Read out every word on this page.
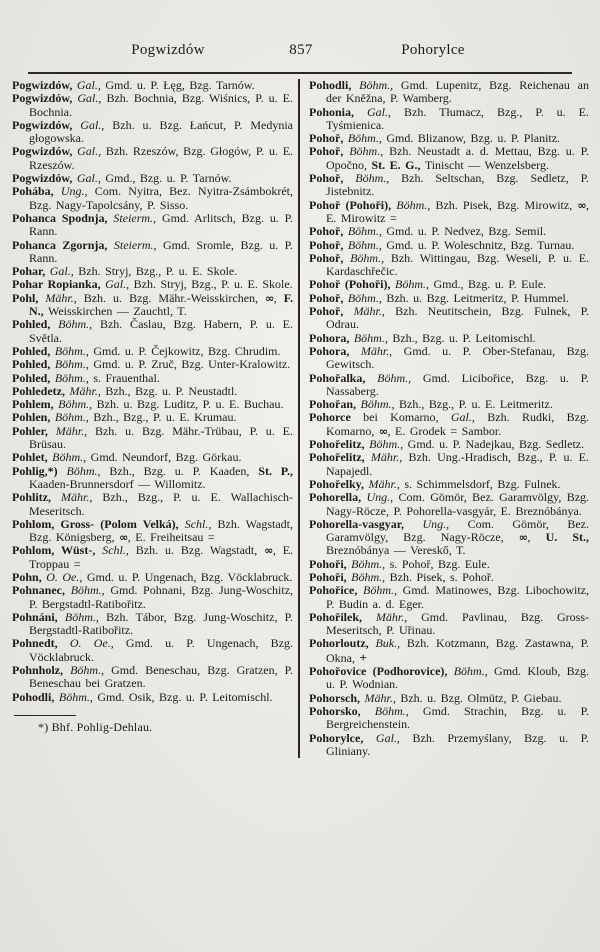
Pogwizdów	857	Pohorylce

Pogwizdów, Gal., Gmd. u. P. Łęg, Bzg. Tarnów.

Pogwizdów, Gal., Bzh. Bochnia, Bzg. Wiśnics, P. u. E. Bochnia.

Pogwizdów, Gal., Bzh. u. Bzg. Łańcut, P. Medynia głogowska.

Pogwizdów, Gal., Bzh. Rzeszów, Bzg. Głogów, P. u. E. Rzeszów.

Pogwizdów, Gal., Gmd., Bzg. u. P. Tarnów.

Pohába, Ung., Com. Nyitra, Bez. Nyitra-Zsámbokrét, Bzg. Nagy-Tapolcsány, P. Sisso.

Pohanca Spodnja, Steierm., Gmd. Arlitsch, Bzg. u. P. Rann.

Pohanca Zgornja, Steierm., Gmd. Sromle, Bzg. u. P. Rann.

Pohar, Gal., Bzh. Stryj, Bzg., P. u. E. Skole.

Pohar Ropianka, Gal., Bzh. Stryj, Bzg., P. u. E. Skole.

Pohl, Mähr., Bzh. u. Bzg. Mähr.-Weisskirchen, ∞, F. N., Weisskirchen — Zauchtl, T.

Pohled, Böhm., Bzh. Časlau, Bzg. Habern, P. u. E. Světla.

Pohled, Böhm., Gmd. u. P. Čejkowitz, Bzg. Chrudim.

Pohled, Böhm., Gmd. u. P. Zruč, Bzg. Unter-Kralowitz.

Pohled, Böhm., s. Frauenthal.

Pohledetz, Mähr., Bzh., Bzg. u. P. Neustadtl.

Pohlem, Böhm., Bzh. u. Bzg. Luditz, P. u. E. Buchau.

Pohlen, Böhm., Bzh., Bzg., P. u. E. Krumau.

Pohler, Mähr., Bzh. u. Bzg. Mähr.-Trübau, P. u. E. Brüsau.

Pohlet, Böhm., Gmd. Neundorf, Bzg. Görkau.

Pohlig,*) Böhm., Bzh., Bzg. u. P. Kaaden, St. P., Kaaden-Brunnersdorf — Willomitz.

Pohlitz, Mähr., Bzh., Bzg., P. u. E. Wallachisch-Meseritsch.

Pohlom, Gross- (Polom Velká), Schl., Bzh. Wagstadt, Bzg. Königsberg, ∞, E. Freiheitsau =

Pohlom, Wüst-, Schl., Bzh. u. Bzg. Wagstadt, ∞, E. Troppau =

Pohn, O. Oe., Gmd. u. P. Ungenach, Bzg. Vöcklabruck.

Pohnanec, Böhm., Gmd. Pohnani, Bzg. Jung-Woschitz, P. Bergstadtl-Ratibořitz.

Pohnáni, Böhm., Bzh. Tábor, Bzg. Jung-Woschitz, P. Bergstadtl-Ratibořitz.

Pohnedt, O. Oe., Gmd. u. P. Ungenach, Bzg. Vöcklabruck.

Pohnholz, Böhm., Gmd. Beneschau, Bzg. Gratzen, P. Beneschau bei Gratzen.

Pohodli, Böhm., Gmd. Osik, Bzg. u. P. Leitomischl.

*) Bhf. Pohlig-Dehlau.

Pohodli, Böhm., Gmd. Lupenitz, Bzg. Reichenau an der Kněžna, P. Wamberg.

Pohonia, Gal., Bzh. Tłumacz, Bzg., P. u. E. Tyśmienica.

Pohoř, Böhm., Gmd. Blizanow, Bzg. u. P. Planitz.

Pohoř, Böhm., Bzh. Neustadt a. d. Mettau, Bzg. u. P. Opočno, St. E. G., Tinischt — Wenzelsberg.

Pohoř, Böhm., Bzh. Seltschan, Bzg. Sedletz, P. Jistebnitz.

Pohoř (Pohoři), Böhm., Bzh. Pisek, Bzg. Mirowitz, ∞, E. Mirowitz =

Pohoř, Böhm., Gmd. u. P. Nedvez, Bzg. Semil.

Pohoř, Böhm., Gmd. u. P. Woleschnitz, Bzg. Turnau.

Pohoř, Böhm., Bzh. Wittingau, Bzg. Weseli, P. u. E. Kardaschřečic.

Pohoř (Pohoři), Böhm., Gmd., Bzg. u. P. Eule.

Pohoř, Böhm., Bzh. u. Bzg. Leitmeritz, P. Hummel.

Pohoř, Mähr., Bzh. Neutitschein, Bzg. Fulnek, P. Odrau.

Pohora, Böhm., Bzh., Bzg. u. P. Leitomischl.

Pohora, Mähr., Gmd. u. P. Ober-Stefanau, Bzg. Gewitsch.

Pohořalka, Böhm., Gmd. Licibořice, Bzg. u. P. Nassaberg.

Pohořan, Böhm., Bzh., Bzg., P. u. E. Leitmeritz.

Pohorce bei Komarno, Gal., Bzh. Rudki, Bzg. Komarno, ∞, E. Grodek = Sambor.

Pohořelitz, Böhm., Gmd. u. P. Nadejkau, Bzg. Sedletz.

Pohořelitz, Mähr., Bzh. Ung.-Hradisch, Bzg., P. u. E. Napajedl.

Pohořelky, Mähr., s. Schimmelsdorf, Bzg. Fulnek.

Pohorella, Ung., Com. Gömör, Bez. Garamvölgy, Bzg. Nagy-Röcze, P. Pohorella-vasgyár, E. Breznóbánya.

Pohorella-vasgyar, Ung., Com. Gömör, Bez. Garamvölgy, Bzg. Nagy-Röcze, ∞, U. St., Breznóbánya — Vereskő, T.

Pohoři, Böhm., s. Pohoř, Bzg. Eule.

Pohoři, Böhm., Bzh. Pisek, s. Pohoř.

Pohořice, Böhm., Gmd. Matinowes, Bzg. Libochowitz, P. Budin a. d. Eger.

Pohořilek, Mähr., Gmd. Pavlinau, Bzg. Gross-Meseritsch, P. Uřinau.

Pohorloutz, Buk., Bzh. Kotzmann, Bzg. Zastawna, P. Okna, +

Pohořovice (Podhorovice), Böhm., Gmd. Kloub, Bzg. u. P. Wodnian.

Pohorsch, Mähr., Bzh. u. Bzg. Olmütz, P. Giebau.

Pohorsko, Böhm., Gmd. Strachin, Bzg. u. P. Bergreichenstein.

Pohorylce, Gal., Bzh. Przemyślany, Bzg. u. P. Gliniany.
